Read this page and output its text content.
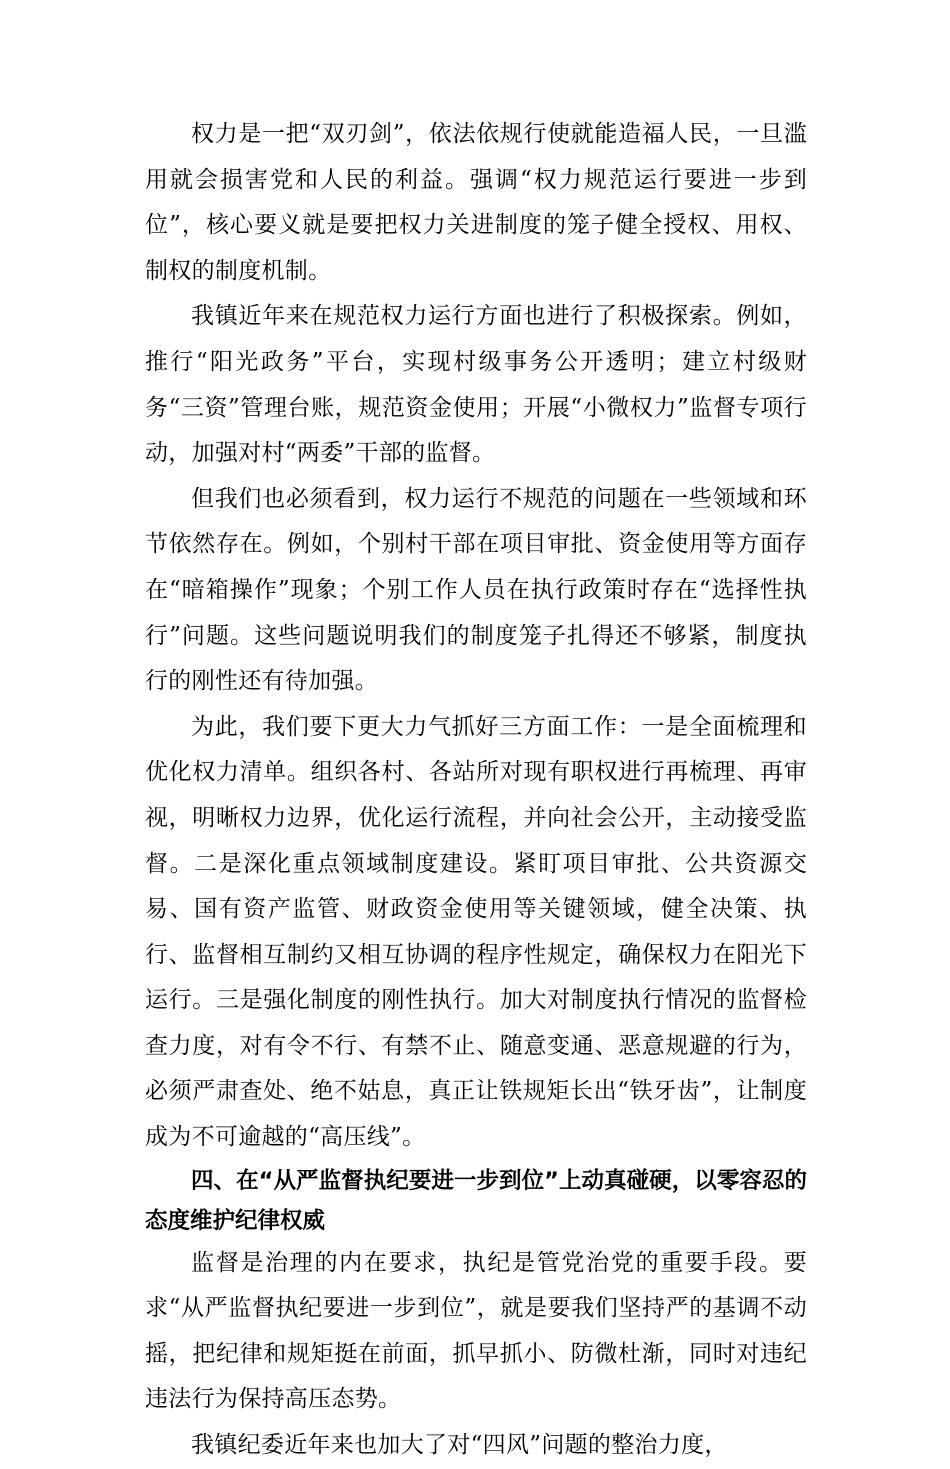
权力是一把“双刃剑”，依法依规行使就能造福人民，一旦滥用就会损害党和人民的利益。强调“权力规范运行要进一步到位”，核心要义就是要把权力关进制度的笼子健全授权、用权、制权的制度机制。

我镇近年来在规范权力运行方面也进行了积极探索。例如，推行“阳光政务”平台，实现村级事务公开透明；建立村级财务“三资”管理台账，规范资金使用；开展“小微权力”监督专项行动，加强对村“两委”干部的监督。

但我们也必须看到，权力运行不规范的问题在一些领域和环节依然存在。例如，个别村干部在项目审批、资金使用等方面存在“暗箱操作”现象；个别工作人员在执行政策时存在“选择性执行”问题。这些问题说明我们的制度笼子扎得还不够紧，制度执行的刚性还有待加强。

为此，我们要下更大力气抓好三方面工作：一是全面梳理和优化权力清单。组织各村、各站所对现有职权进行再梳理、再审视，明晰权力边界，优化运行流程，并向社会公开，主动接受监督。二是深化重点领域制度建设。紧盯项目审批、公共资源交易、国有资产监管、财政资金使用等关键领域，健全决策、执行、监督相互制约又相互协调的程序性规定，确保权力在阳光下运行。三是强化制度的刚性执行。加大对制度执行情况的监督检查力度，对有令不行、有禁不止、随意变通、恶意规避的行为，必须严肃查处、绝不姑息，真正让铁规矩长出“铁牙齿”，让制度成为不可逾越的“高压线”。

四、在“从严监督执纪要进一步到位”上动真碰硬，以零容忍的态度维护纪律权威

监督是治理的内在要求，执纪是管党治党的重要手段。要求“从严监督执纪要进一步到位”，就是要我们坚持严的基调不动摇，把纪律和规矩挺在前面，抓早抓小、防微杜渐，同时对违纪违法行为保持高压态势。

我镇纪委近年来也加大了对“四风”问题的整治力度，
